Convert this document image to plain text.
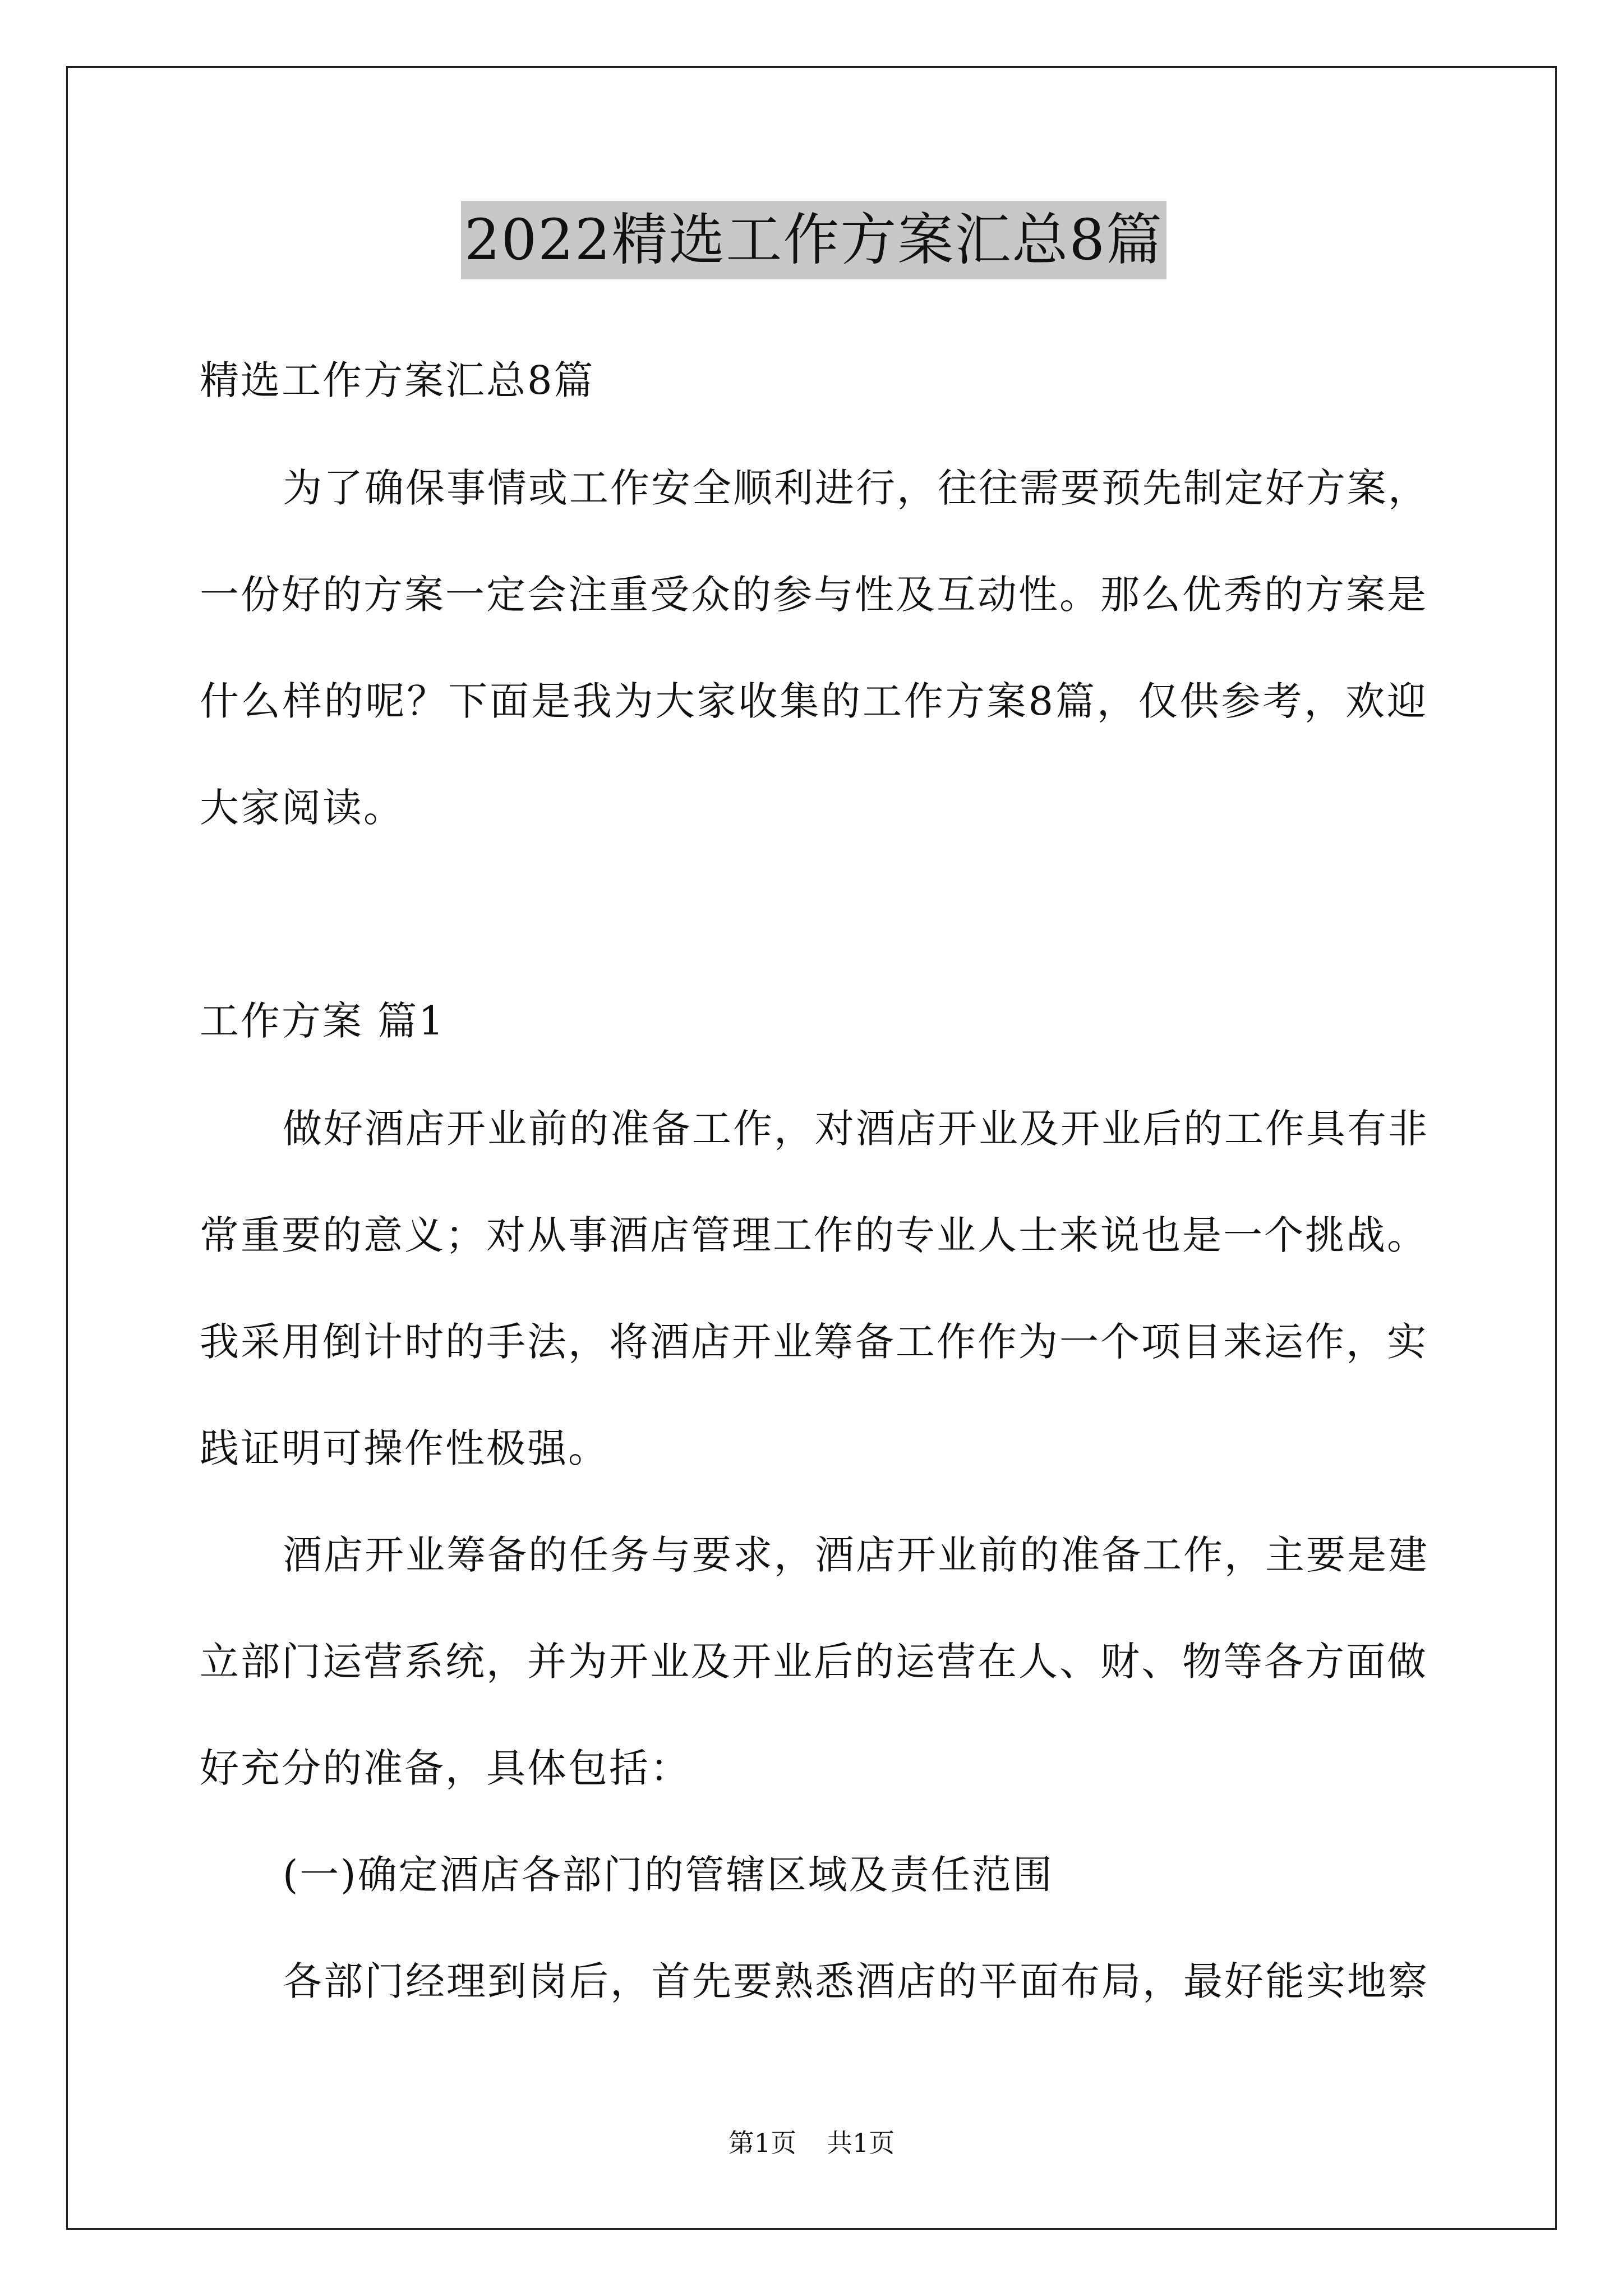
2022精选工作方案汇总8篇
精选工作方案汇总8篇
为了确保事情或工作安全顺利进行，往往需要预先制定好方案，
一份好的方案一定会注重受众的参与性及互动性。那么优秀的方案是
什么样的呢？下面是我为大家收集的工作方案8篇，仅供参考，欢迎
大家阅读。
工作方案 篇1
做好酒店开业前的准备工作，对酒店开业及开业后的工作具有非
常重要的意义；对从事酒店管理工作的专业人士来说也是一个挑战。
我采用倒计时的手法，将酒店开业筹备工作作为一个项目来运作，实
践证明可操作性极强。
酒店开业筹备的任务与要求，酒店开业前的准备工作，主要是建
立部门运营系统，并为开业及开业后的运营在人、财、物等各方面做
好充分的准备，具体包括：
(一)确定酒店各部门的管辖区域及责任范围
各部门经理到岗后，首先要熟悉酒店的平面布局，最好能实地察
第1页 共1页
